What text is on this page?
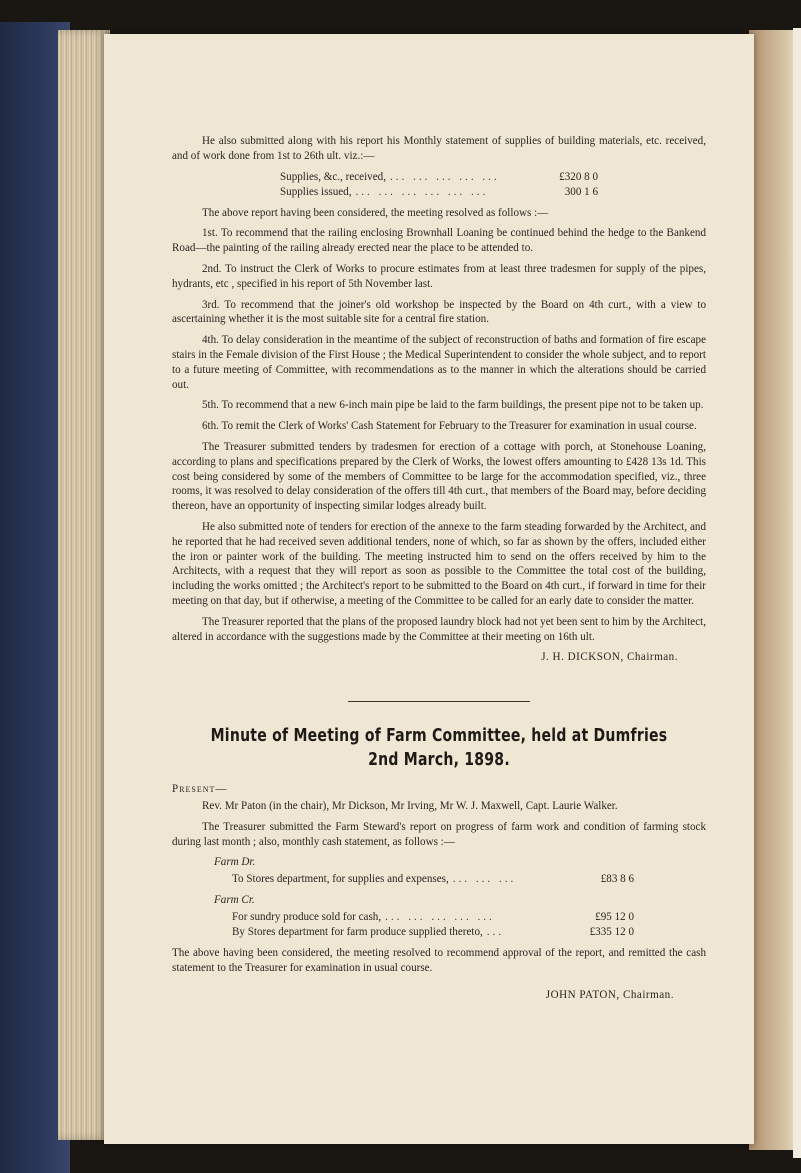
He also submitted along with his report his Monthly statement of supplies of building materials, etc. received, and of work done from 1st to 26th ult. viz.:—

Supplies, &c., received, ... ... ... ... ...	£320 8 0
Supplies issued, ... ... ... ... ... ...	300 1 6

The above report having been considered, the meeting resolved as follows :—

1st. To recommend that the railing enclosing Brownhall Loaning be continued behind the hedge to the Bankend Road—the painting of the railing already erected near the place to be attended to.

2nd. To instruct the Clerk of Works to procure estimates from at least three tradesmen for supply of the pipes, hydrants, etc , specified in his report of 5th November last.

3rd. To recommend that the joiner's old workshop be inspected by the Board on 4th curt., with a view to ascertaining whether it is the most suitable site for a central fire station.

4th. To delay consideration in the meantime of the subject of reconstruction of baths and formation of fire escape stairs in the Female division of the First House ; the Medical Superintendent to consider the whole subject, and to report to a future meeting of Committee, with recommendations as to the manner in which the alterations should be carried out.

5th. To recommend that a new 6-inch main pipe be laid to the farm buildings, the present pipe not to be taken up.

6th. To remit the Clerk of Works' Cash Statement for February to the Treasurer for examination in usual course.

The Treasurer submitted tenders by tradesmen for erection of a cottage with porch, at Stonehouse Loaning, according to plans and specifications prepared by the Clerk of Works, the lowest offers amounting to £428 13s 1d. This cost being considered by some of the members of Committee to be large for the accommodation specified, viz., three rooms, it was resolved to delay consideration of the offers till 4th curt., that members of the Board may, before deciding thereon, have an opportunity of inspecting similar lodges already built.

He also submitted note of tenders for erection of the annexe to the farm steading forwarded by the Architect, and he reported that he had received seven additional tenders, none of which, so far as shown by the offers, included either the iron or painter work of the building. The meeting instructed him to send on the offers received by him to the Architects, with a request that they will report as soon as possible to the Committee the total cost of the building, including the works omitted ; the Architect's report to be submitted to the Board on 4th curt., if forward in time for their meeting on that day, but if otherwise, a meeting of the Committee to be called for an early date to consider the matter.

The Treasurer reported that the plans of the proposed laundry block had not yet been sent to him by the Architect, altered in accordance with the suggestions made by the Committee at their meeting on 16th ult.

J. H. DICKSON, Chairman.
Minute of Meeting of Farm Committee, held at Dumfries
2nd March, 1898.

Present—

Rev. Mr Paton (in the chair), Mr Dickson, Mr Irving, Mr W. J. Maxwell, Capt. Laurie Walker.

The Treasurer submitted the Farm Steward's report on progress of farm work and condition of farming stock during last month ; also, monthly cash statement, as follows :—

Farm Dr.
To Stores department, for supplies and expenses, ... ... ...	£83 8 6
Farm Cr.
For sundry produce sold for cash, ... ... ... ... ...	£95 12 0
By Stores department for farm produce supplied thereto, ...	£335 12 0

The above having been considered, the meeting resolved to recommend approval of the report, and remitted the cash statement to the Treasurer for examination in usual course.

JOHN PATON, Chairman.
